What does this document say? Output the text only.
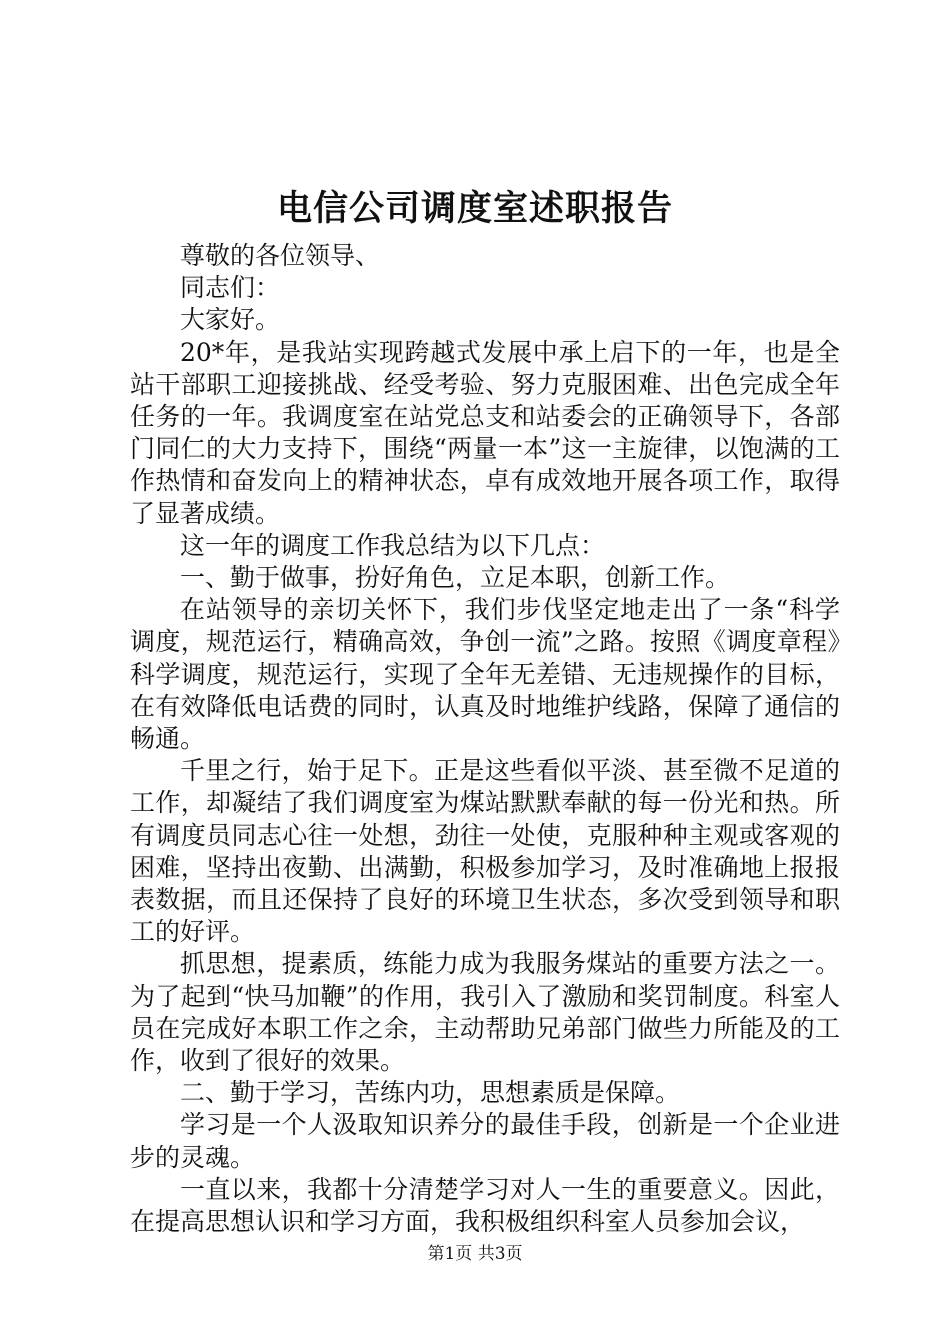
电信公司调度室述职报告

尊敬的各位领导、

同志们：

大家好。

20*年，是我站实现跨越式发展中承上启下的一年，也是全站干部职工迎接挑战、经受考验、努力克服困难、出色完成全年任务的一年。我调度室在站党总支和站委会的正确领导下，各部门同仁的大力支持下，围绕“两量一本”这一主旋律，以饱满的工作热情和奋发向上的精神状态，卓有成效地开展各项工作，取得了显著成绩。

这一年的调度工作我总结为以下几点：

一、勤于做事，扮好角色，立足本职，创新工作。

在站领导的亲切关怀下，我们步伐坚定地走出了一条“科学调度，规范运行，精确高效，争创一流”之路。按照《调度章程》科学调度，规范运行，实现了全年无差错、无违规操作的目标，在有效降低电话费的同时，认真及时地维护线路，保障了通信的畅通。

千里之行，始于足下。正是这些看似平淡、甚至微不足道的工作，却凝结了我们调度室为煤站默默奉献的每一份光和热。所有调度员同志心往一处想，劲往一处使，克服种种主观或客观的困难，坚持出夜勤、出满勤，积极参加学习，及时准确地上报报表数据，而且还保持了良好的环境卫生状态，多次受到领导和职工的好评。

抓思想，提素质，练能力成为我服务煤站的重要方法之一。为了起到“快马加鞭”的作用，我引入了激励和奖罚制度。科室人员在完成好本职工作之余，主动帮助兄弟部门做些力所能及的工作，收到了很好的效果。

二、勤于学习，苦练内功，思想素质是保障。

学习是一个人汲取知识养分的最佳手段，创新是一个企业进步的灵魂。

一直以来，我都十分清楚学习对人一生的重要意义。因此，在提高思想认识和学习方面，我积极组织科室人员参加会议，

第1页 共3页
